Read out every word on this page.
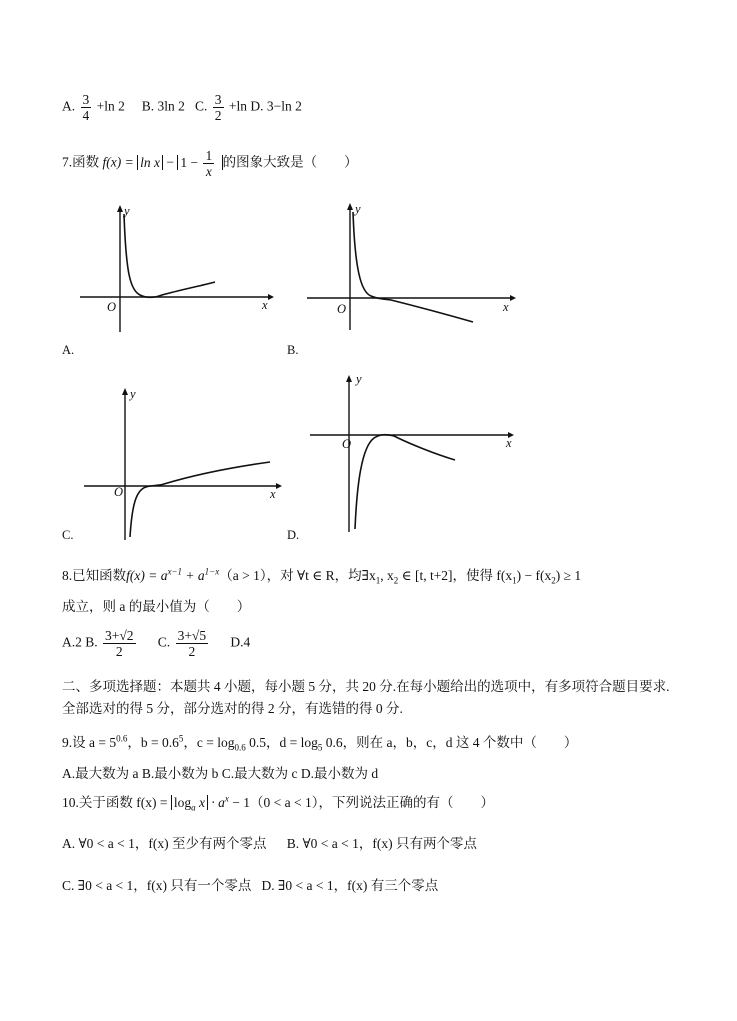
A. $\frac{3}{4} +\ln$ 2 B. 3ln 2 C. $\frac{3}{2} +\ln$ D. 3−ln 2
7.函数 $f(x) = \ln x - 1 - \frac{1}{x}$ 的图象大致是（　　）
y
x
O
A.
y
x
O
B.
y
x
O
C.
y
x
O
D.
8.已知函数$f(x) = a^{x-1} + a^{1-x}(a > 1)$，对 ∀t ∈ R，均$\exists x_1$, $x_2$ ∈ [t, t+2]，使得 $f(x_1) - f(x_2) \ge 1$
成立，则 a 的最小值为（　　）
A.2 B. $\frac{3+√2}{2} C$. $\frac{3+√5}{2} D.4$
二、多项选择题：本题共 4 小题，每小题 5 分，共 20 分.在每小题给出的选项中，有多项符合题目要求.全部选对的得 5 分，部分选对的得 2 分，有选错的得 0 分.
9.设 $a = 5^{0.6}$，$b = 0.6^5$，$c = \log_{0.6} 0.5$，$d = \log_5 0.6$，则在 a，b，c，d 这 4 个数中（　　）
A.最大数为 a B.最小数为 b C.最大数为 c D.最小数为 d
10.关于函数 $f(x) = \log_a x \cdot a^x - 1(0 < a < 1)$，下列说法正确的有（　　）
A. ∀0 < a < 1，f(x) 至少有两个零点 B. ∀0 < a < 1，f(x) 只有两个零点
C. ∃0 < a < 1，f(x) 只有一个零点 D. ∃0 < a < 1，f(x) 有三个零点
